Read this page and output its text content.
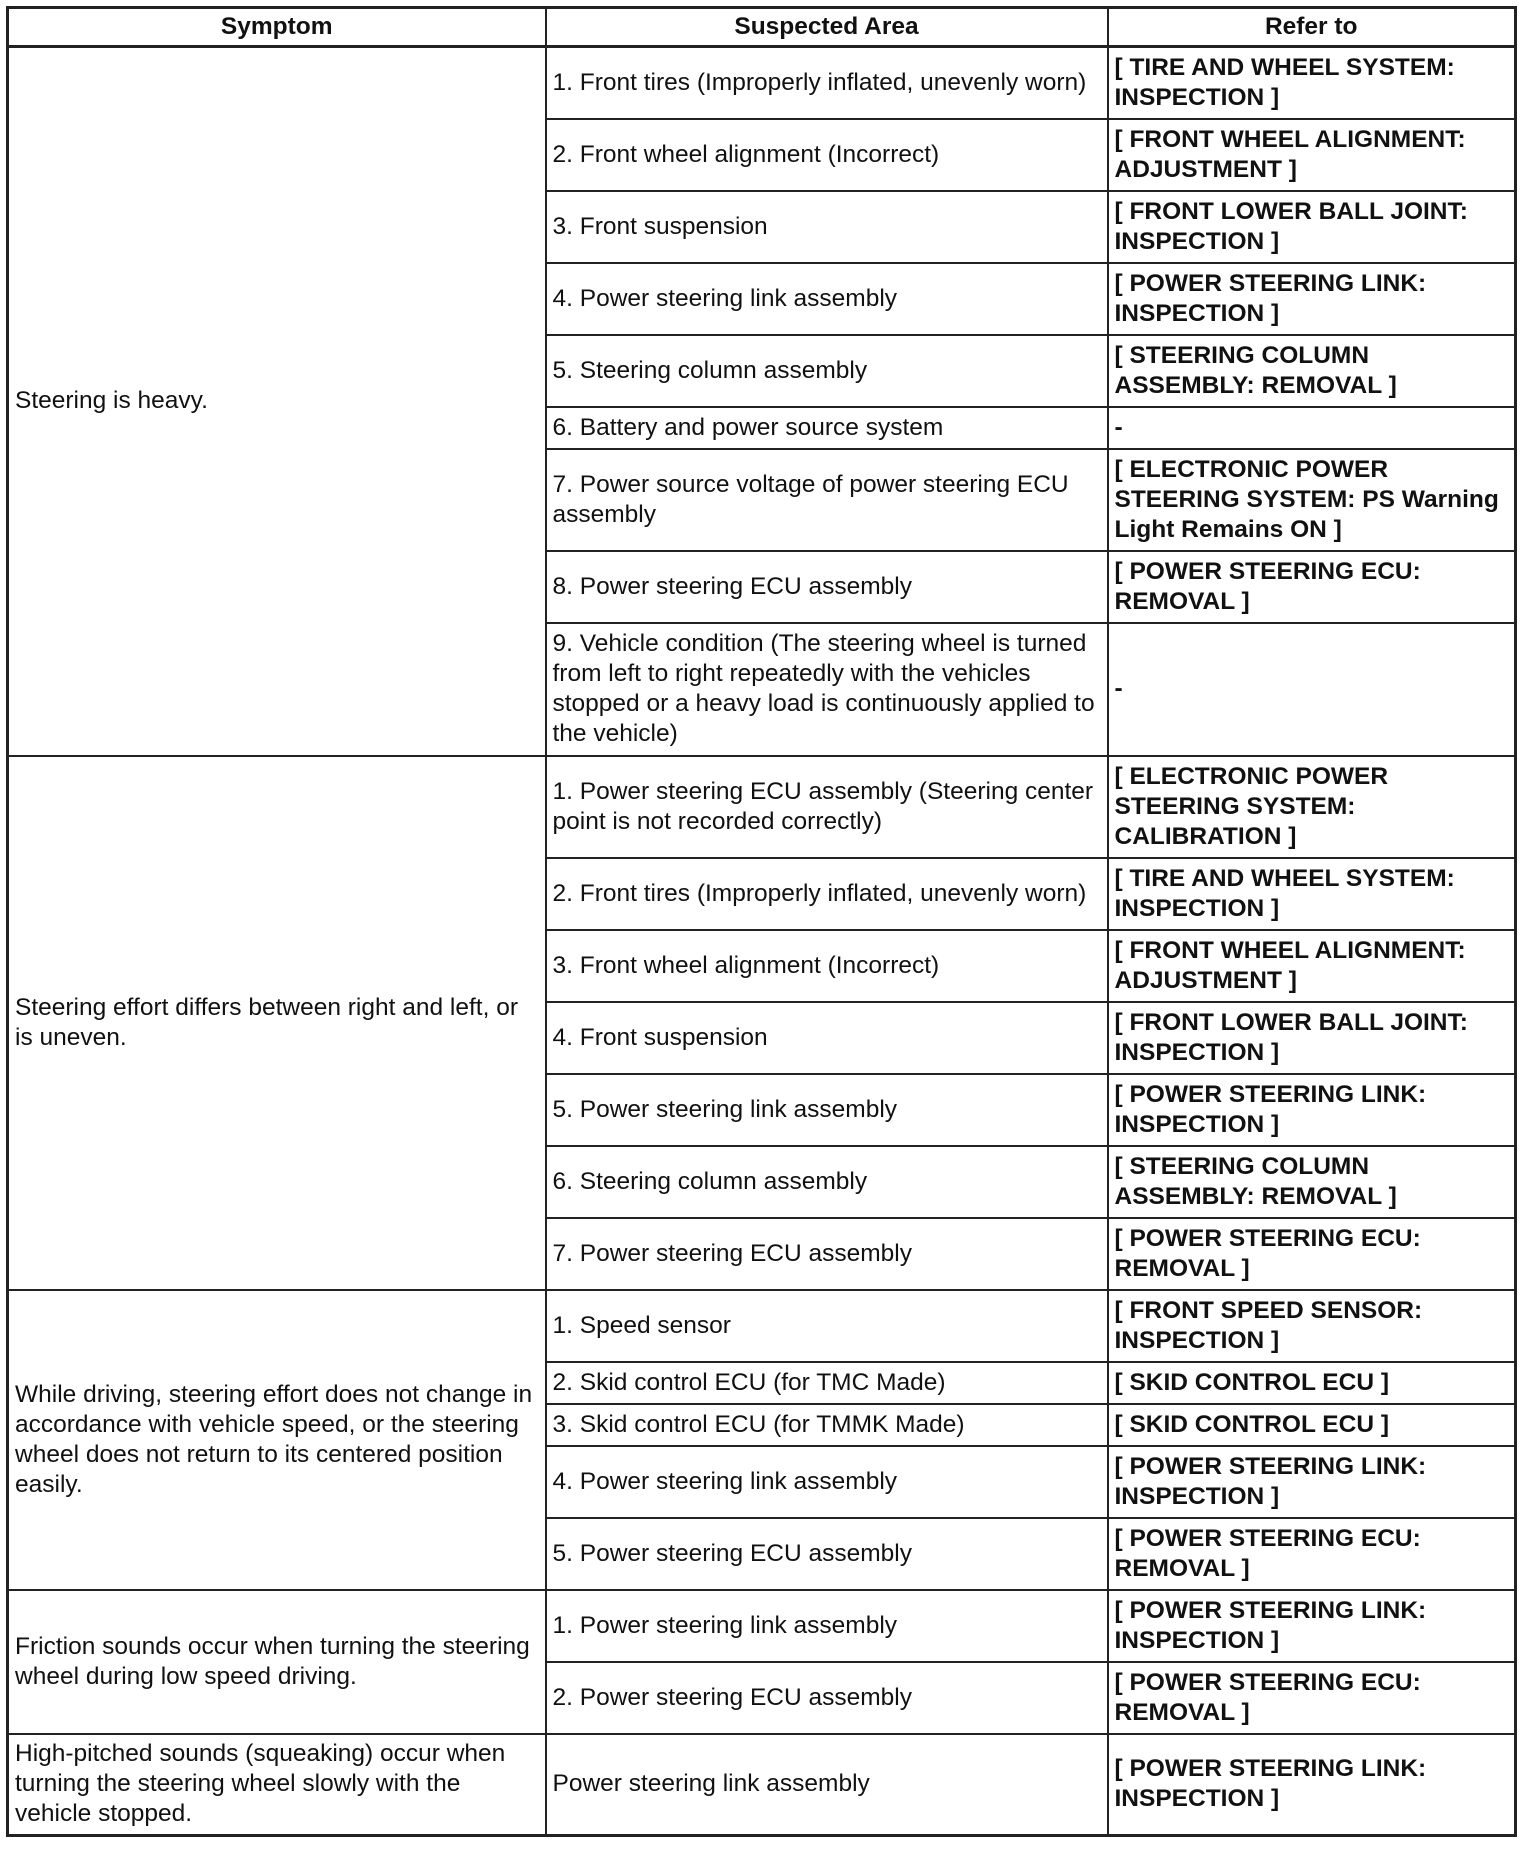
Symptom	Suspected Area	Refer to
Steering is heavy.	1. Front tires (Improperly inflated, unevenly worn)	[ TIRE AND WHEEL SYSTEM: INSPECTION ]
	2. Front wheel alignment (Incorrect)	[ FRONT WHEEL ALIGNMENT: ADJUSTMENT ]
	3. Front suspension	[ FRONT LOWER BALL JOINT: INSPECTION ]
	4. Power steering link assembly	[ POWER STEERING LINK: INSPECTION ]
	5. Steering column assembly	[ STEERING COLUMN ASSEMBLY: REMOVAL ]
	6. Battery and power source system	-
	7. Power source voltage of power steering ECU assembly	[ ELECTRONIC POWER STEERING SYSTEM: PS Warning Light Remains ON ]
	8. Power steering ECU assembly	[ POWER STEERING ECU: REMOVAL ]
	9. Vehicle condition (The steering wheel is turned from left to right repeatedly with the vehicles stopped or a heavy load is continuously applied to the vehicle)	-
Steering effort differs between right and left, or is uneven.	1. Power steering ECU assembly (Steering center point is not recorded correctly)	[ ELECTRONIC POWER STEERING SYSTEM: CALIBRATION ]
	2. Front tires (Improperly inflated, unevenly worn)	[ TIRE AND WHEEL SYSTEM: INSPECTION ]
	3. Front wheel alignment (Incorrect)	[ FRONT WHEEL ALIGNMENT: ADJUSTMENT ]
	4. Front suspension	[ FRONT LOWER BALL JOINT: INSPECTION ]
	5. Power steering link assembly	[ POWER STEERING LINK: INSPECTION ]
	6. Steering column assembly	[ STEERING COLUMN ASSEMBLY: REMOVAL ]
	7. Power steering ECU assembly	[ POWER STEERING ECU: REMOVAL ]
While driving, steering effort does not change in accordance with vehicle speed, or the steering wheel does not return to its centered position easily.	1. Speed sensor	[ FRONT SPEED SENSOR: INSPECTION ]
	2. Skid control ECU (for TMC Made)	[ SKID CONTROL ECU ]
	3. Skid control ECU (for TMMK Made)	[ SKID CONTROL ECU ]
	4. Power steering link assembly	[ POWER STEERING LINK: INSPECTION ]
	5. Power steering ECU assembly	[ POWER STEERING ECU: REMOVAL ]
Friction sounds occur when turning the steering wheel during low speed driving.	1. Power steering link assembly	[ POWER STEERING LINK: INSPECTION ]
	2. Power steering ECU assembly	[ POWER STEERING ECU: REMOVAL ]
High-pitched sounds (squeaking) occur when turning the steering wheel slowly with the vehicle stopped.	Power steering link assembly	[ POWER STEERING LINK: INSPECTION ]
